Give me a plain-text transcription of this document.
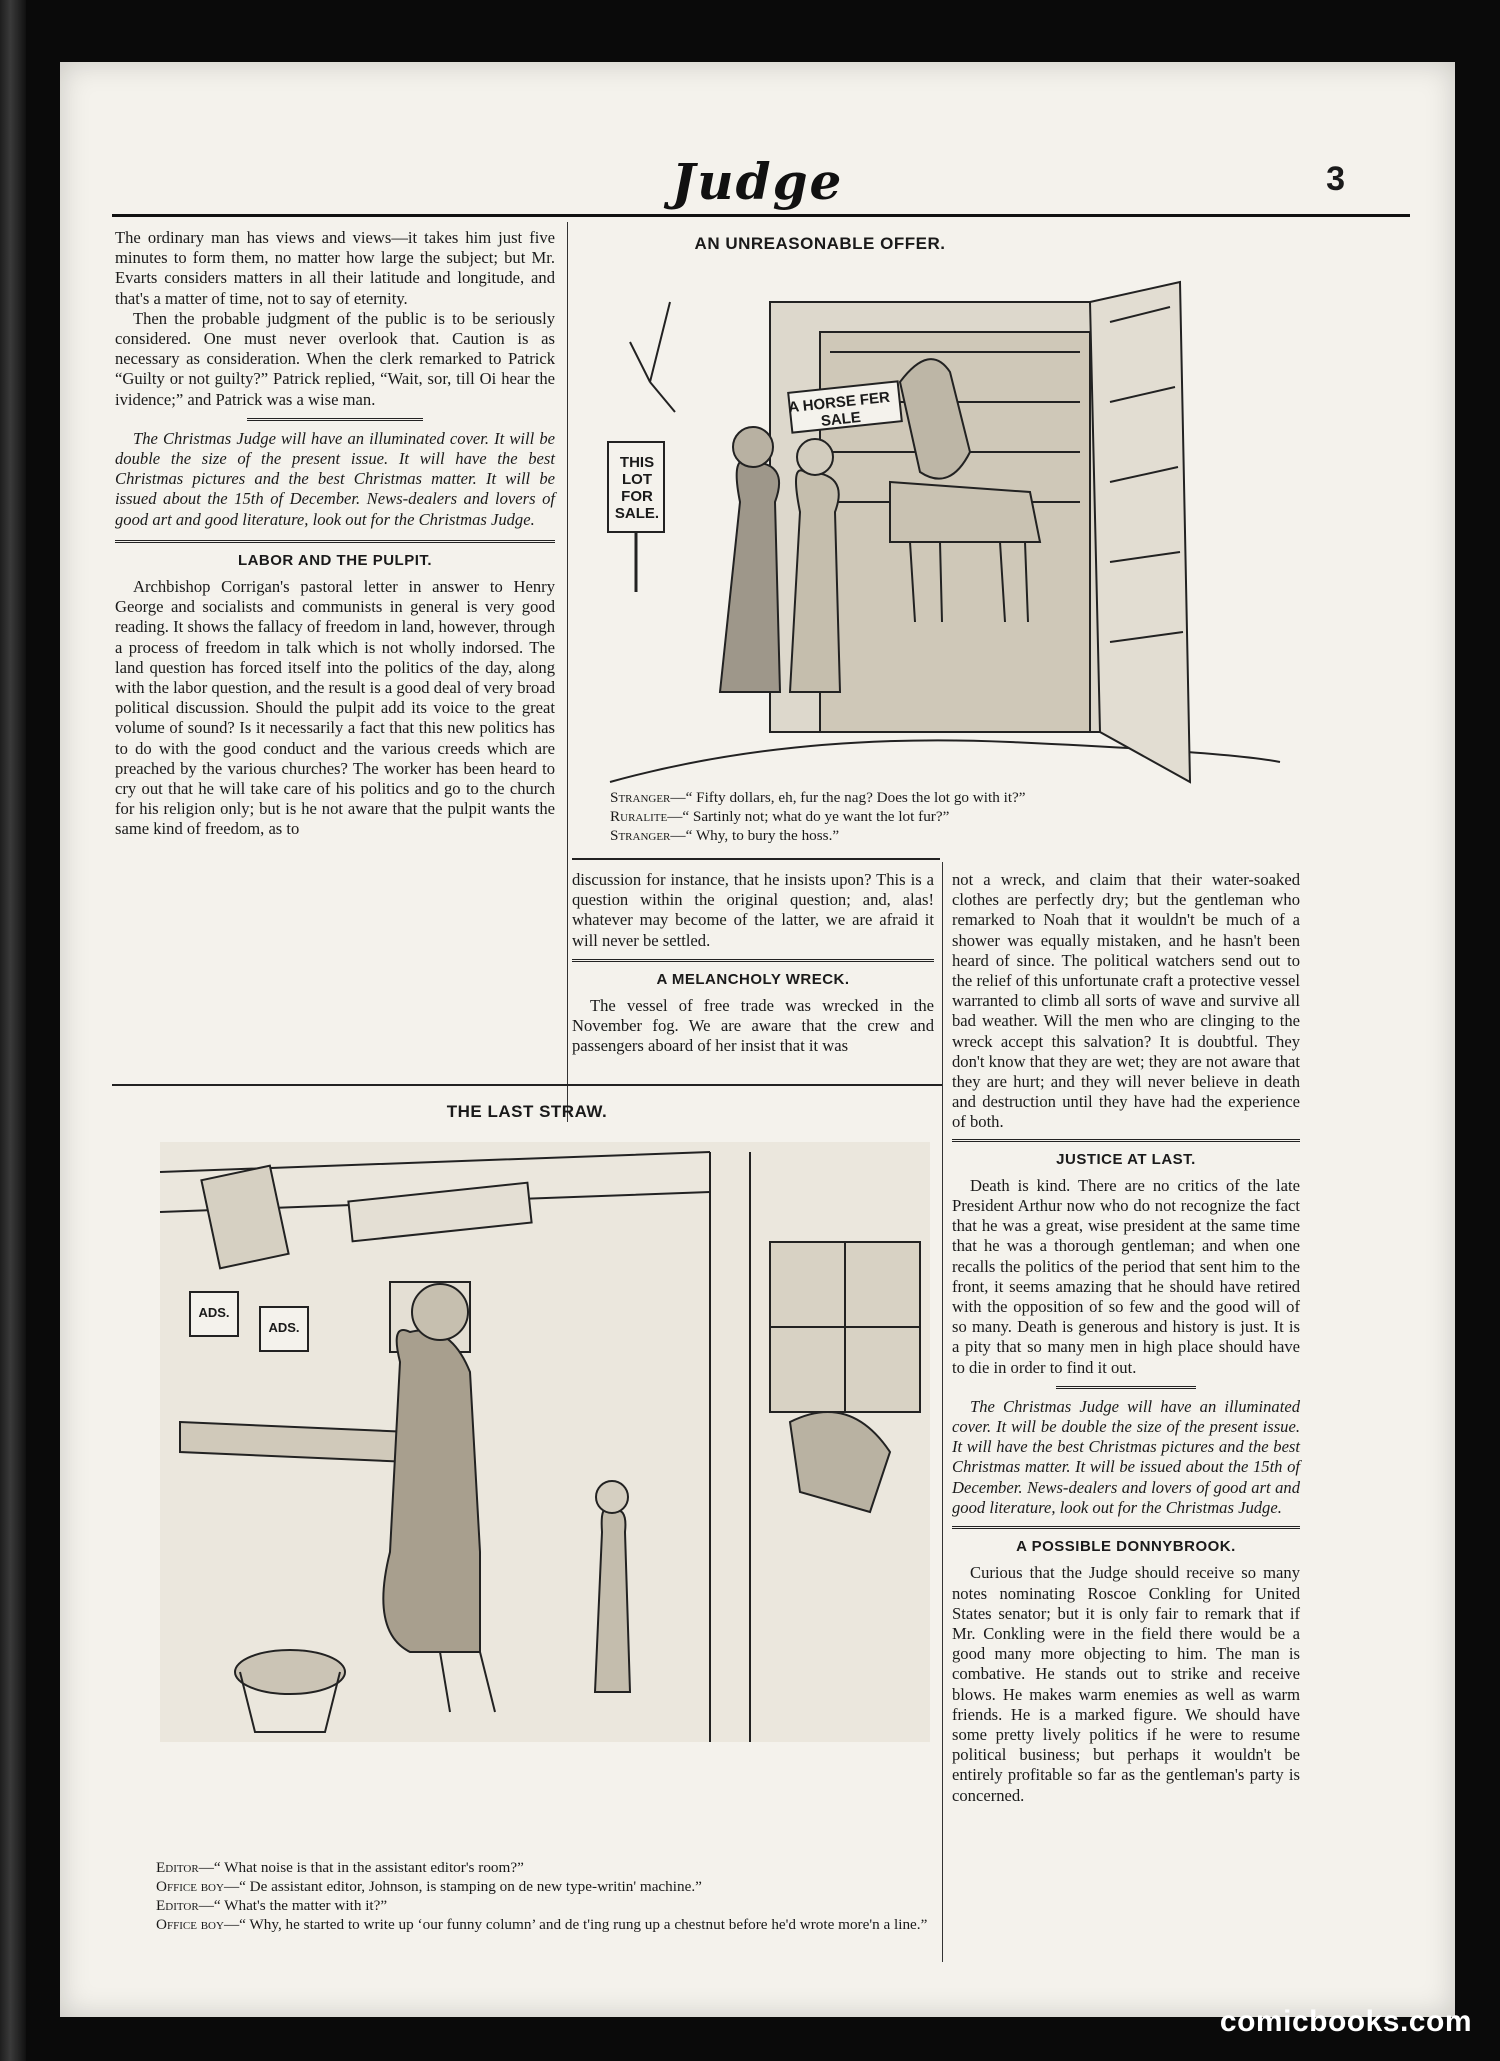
Judge	3

The ordinary man has views and views—it takes him just five minutes to form them, no matter how large the subject; but Mr. Evarts considers matters in all their latitude and longitude, and that's a matter of time, not to say of eternity.

Then the probable judgment of the public is to be seriously considered. One must never overlook that. Caution is as necessary as consideration. When the clerk remarked to Patrick “Guilty or not guilty?” Patrick replied, “Wait, sor, till Oi hear the ividence;” and Patrick was a wise man.

The Christmas Judge will have an illuminated cover. It will be double the size of the present issue. It will have the best Christmas pictures and the best Christmas matter. It will be issued about the 15th of December. News-dealers and lovers of good art and good literature, look out for the Christmas Judge.

LABOR AND THE PULPIT.

Archbishop Corrigan's pastoral letter in answer to Henry George and socialists and communists in general is very good reading. It shows the fallacy of freedom in land, however, through a process of freedom in talk which is not wholly indorsed. The land question has forced itself into the politics of the day, along with the labor question, and the result is a good deal of very broad political discussion. Should the pulpit add its voice to the great volume of sound? Is it necessarily a fact that this new politics has to do with the good conduct and the various creeds which are preached by the various churches? The worker has been heard to cry out that he will take care of his politics and go to the church for his religion only; but is he not aware that the pulpit wants the same kind of freedom, as to

AN UNREASONABLE OFFER.
A HORSE FER SALE
THIS LOT FOR SALE.
Stranger—“ Fifty dollars, eh, fur the nag? Does the lot go with it?”
Ruralite—“ Sartinly not; what do ye want the lot fur?”
Stranger—“ Why, to bury the hoss.”

discussion for instance, that he insists upon? This is a question within the original question; and, alas! whatever may become of the latter, we are afraid it will never be settled.

A MELANCHOLY WRECK.

The vessel of free trade was wrecked in the November fog. We are aware that the crew and passengers aboard of her insist that it was

not a wreck, and claim that their water-soaked clothes are perfectly dry; but the gentleman who remarked to Noah that it wouldn't be much of a shower was equally mistaken, and he hasn't been heard of since. The political watchers send out to the relief of this unfortunate craft a protective vessel warranted to climb all sorts of wave and survive all bad weather. Will the men who are clinging to the wreck accept this salvation? It is doubtful. They don't know that they are wet; they are not aware that they are hurt; and they will never believe in death and destruction until they have had the experience of both.

JUSTICE AT LAST.

Death is kind. There are no critics of the late President Arthur now who do not recognize the fact that he was a great, wise president at the same time that he was a thorough gentleman; and when one recalls the politics of the period that sent him to the front, it seems amazing that he should have retired with the opposition of so few and the good will of so many. Death is generous and history is just. It is a pity that so many men in high place should have to die in order to find it out.

The Christmas Judge will have an illuminated cover. It will be double the size of the present issue. It will have the best Christmas pictures and the best Christmas matter. It will be issued about the 15th of December. News-dealers and lovers of good art and good literature, look out for the Christmas Judge.

A POSSIBLE DONNYBROOK.

Curious that the Judge should receive so many notes nominating Roscoe Conkling for United States senator; but it is only fair to remark that if Mr. Conkling were in the field there would be a good many more objecting to him. The man is combative. He stands out to strike and receive blows. He makes warm enemies as well as warm friends. He is a marked figure. We should have some pretty lively politics if he were to resume political business; but perhaps it wouldn't be entirely profitable so far as the gentleman's party is concerned.

THE LAST STRAW.
ADS.
ADS.
Editor—“ What noise is that in the assistant editor's room?”
Office boy—“ De assistant editor, Johnson, is stamping on de new type-writin' machine.”
Editor—“ What's the matter with it?”
Office boy—“ Why, he started to write up ‘our funny column’ and de t'ing rung up a chestnut before he'd wrote more'n a line.”
comicbooks.com
